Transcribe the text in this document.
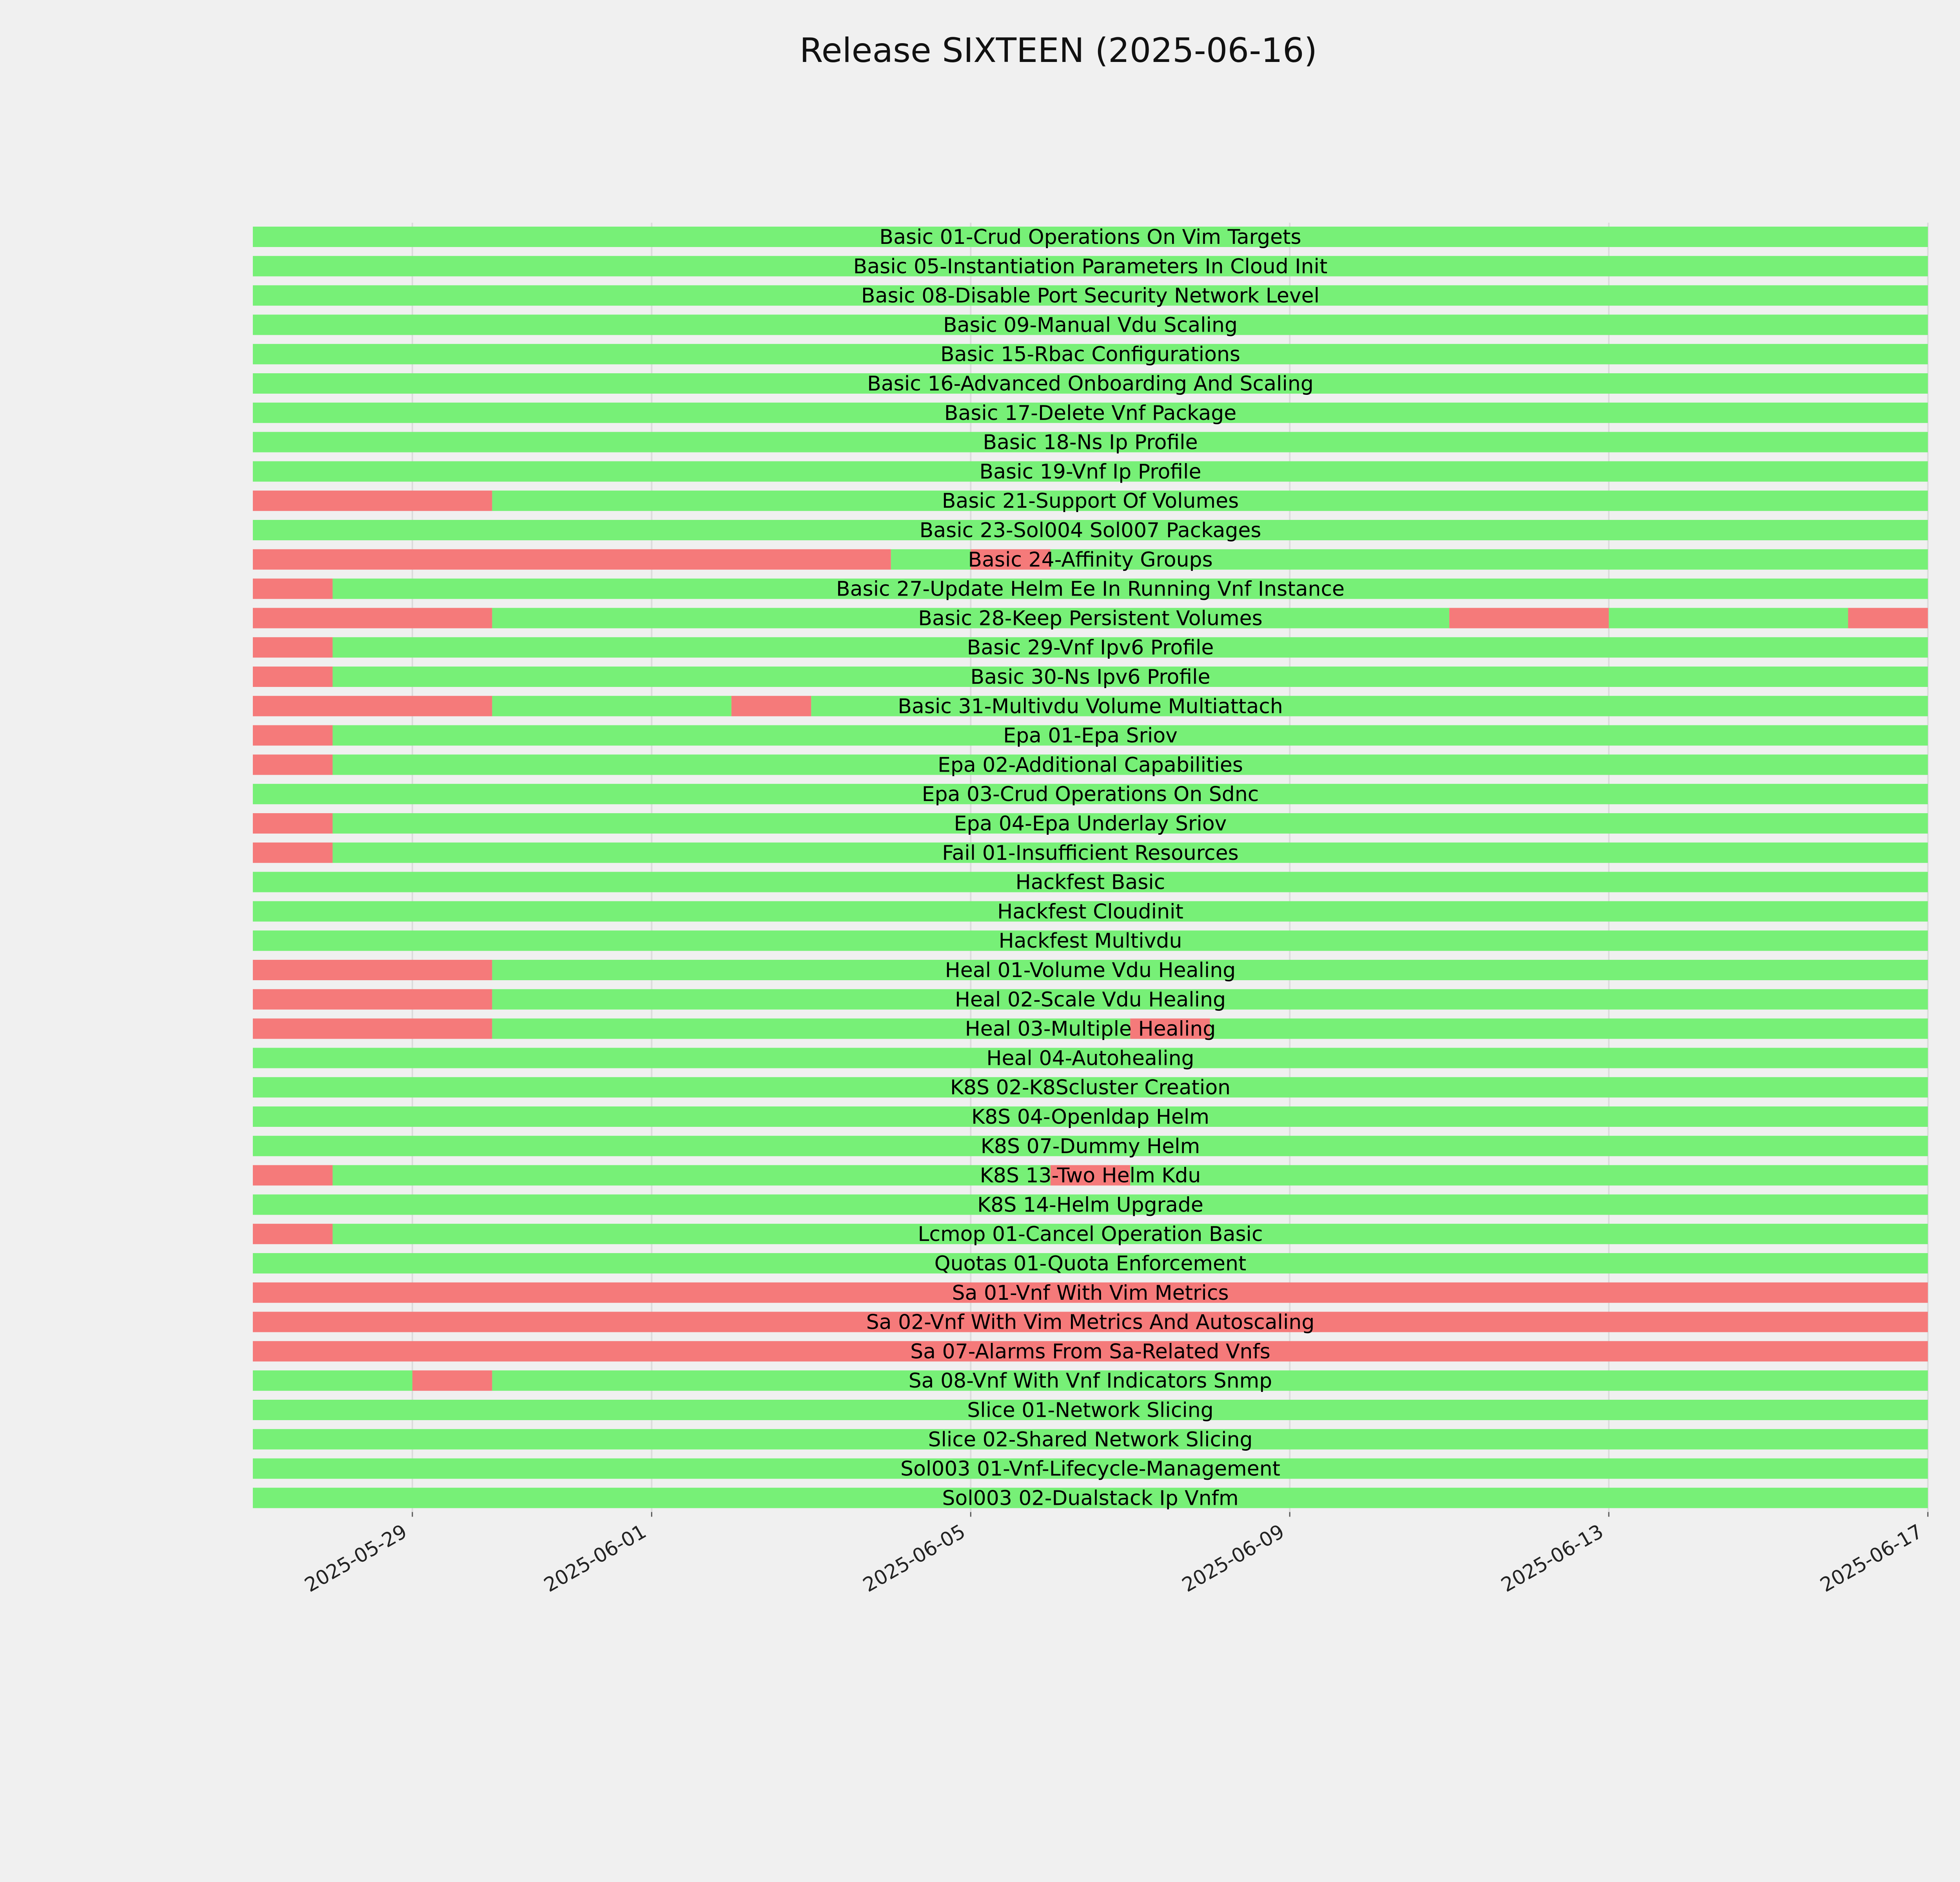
Release SIXTEEN (2025-06-16)
Basic 01-Crud Operations On Vim Targets
Basic 05-Instantiation Parameters In Cloud Init
Basic 08-Disable Port Security Network Level
Basic 09-Manual Vdu Scaling
Basic 15-Rbac Configurations
Basic 16-Advanced Onboarding And Scaling
Basic 17-Delete Vnf Package
Basic 18-Ns Ip Profile
Basic 19-Vnf Ip Profile
Basic 21-Support Of Volumes
Basic 23-Sol004 Sol007 Packages
Basic 24-Affinity Groups
Basic 27-Update Helm Ee In Running Vnf Instance
Basic 28-Keep Persistent Volumes
Basic 29-Vnf Ipv6 Profile
Basic 30-Ns Ipv6 Profile
Basic 31-Multivdu Volume Multiattach
Epa 01-Epa Sriov
Epa 02-Additional Capabilities
Epa 03-Crud Operations On Sdnc
Epa 04-Epa Underlay Sriov
Fail 01-Insufficient Resources
Hackfest Basic
Hackfest Cloudinit
Hackfest Multivdu
Heal 01-Volume Vdu Healing
Heal 02-Scale Vdu Healing
Heal 03-Multiple Healing
Heal 04-Autohealing
K8S 02-K8Scluster Creation
K8S 04-Openldap Helm
K8S 07-Dummy Helm
K8S 13-Two Helm Kdu
K8S 14-Helm Upgrade
Lcmop 01-Cancel Operation Basic
Quotas 01-Quota Enforcement
Sa 01-Vnf With Vim Metrics
Sa 02-Vnf With Vim Metrics And Autoscaling
Sa 07-Alarms From Sa-Related Vnfs
Sa 08-Vnf With Vnf Indicators Snmp
Slice 01-Network Slicing
Slice 02-Shared Network Slicing
Sol003 01-Vnf-Lifecycle-Management
Sol003 02-Dualstack Ip Vnfm
2025-05-29	2025-06-01	2025-06-05	2025-06-09	2025-06-13	2025-06-17
